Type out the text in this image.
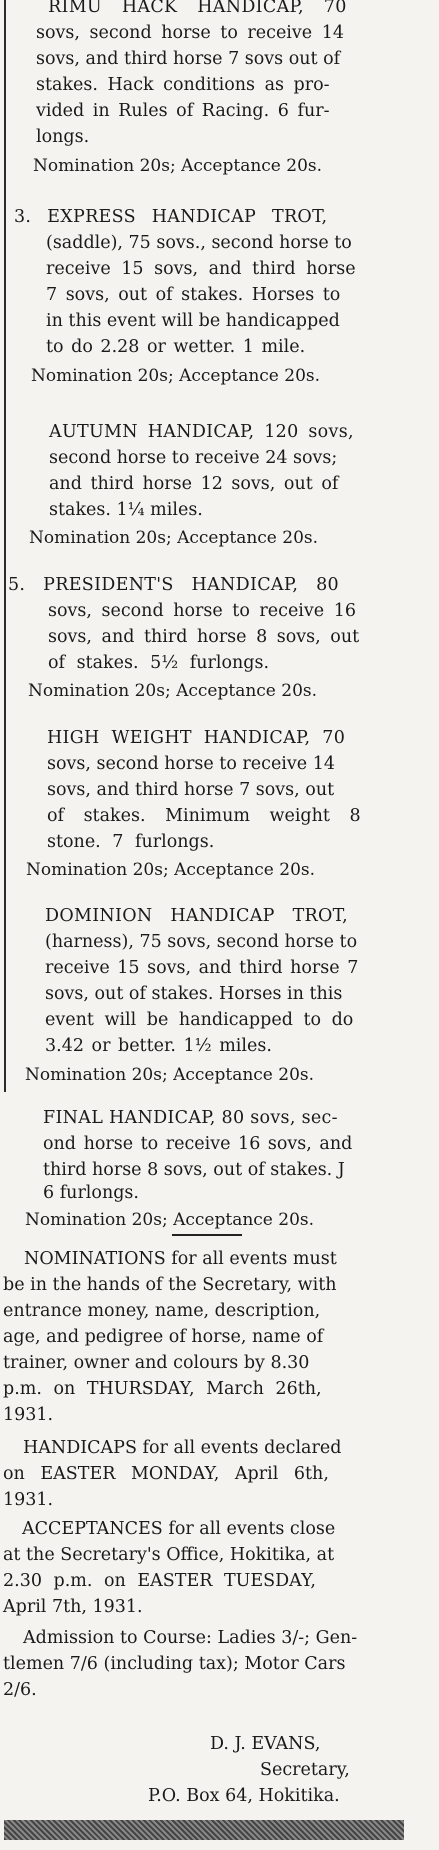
RIMU HACK HANDICAP, 70
sovs, second horse to receive 14
sovs, and third horse 7 sovs out of
stakes. Hack conditions as pro-
vided in Rules of Racing. 6 fur-
longs.
Nomination 20s; Acceptance 20s.
3. EXPRESS HANDICAP TROT,
(saddle), 75 sovs., second horse to
receive 15 sovs, and third horse
7 sovs, out of stakes. Horses to
in this event will be handicapped
to do 2.28 or wetter. 1 mile.
Nomination 20s; Acceptance 20s.
AUTUMN HANDICAP, 120 sovs,
second horse to receive 24 sovs;
and third horse 12 sovs, out of
stakes. 1¼ miles.
Nomination 20s; Acceptance 20s.
5. PRESIDENT'S HANDICAP, 80
sovs, second horse to receive 16
sovs, and third horse 8 sovs, out
of stakes. 5½ furlongs.
Nomination 20s; Acceptance 20s.
HIGH WEIGHT HANDICAP, 70
sovs, second horse to receive 14
sovs, and third horse 7 sovs, out
of stakes. Minimum weight 8
stone. 7 furlongs.
Nomination 20s; Acceptance 20s.
DOMINION HANDICAP TROT,
(harness), 75 sovs, second horse to
receive 15 sovs, and third horse 7
sovs, out of stakes. Horses in this
event will be handicapped to do
3.42 or better. 1½ miles.
Nomination 20s; Acceptance 20s.
FINAL HANDICAP, 80 sovs, sec-
ond horse to receive 16 sovs, and
third horse 8 sovs, out of stakes. J
6 furlongs.
Nomination 20s; Acceptance 20s.
NOMINATIONS for all events must
be in the hands of the Secretary, with
entrance money, name, description,
age, and pedigree of horse, name of
trainer, owner and colours by 8.30
p.m. on THURSDAY, March 26th,
1931.
HANDICAPS for all events declared
on EASTER MONDAY, April 6th,
1931.
ACCEPTANCES for all events close
at the Secretary's Office, Hokitika, at
2.30 p.m. on EASTER TUESDAY,
April 7th, 1931.
Admission to Course: Ladies 3/-; Gen-
tlemen 7/6 (including tax); Motor Cars
2/6.
D. J. EVANS,
Secretary,
P.O. Box 64, Hokitika.
